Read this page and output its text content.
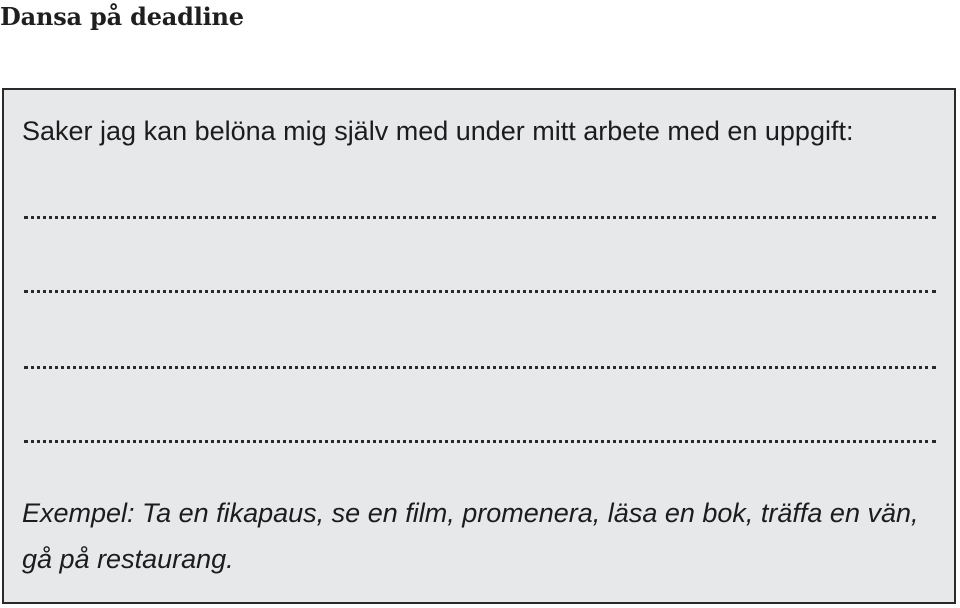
Dansa på deadline
Saker jag kan belöna mig själv med under mitt arbete med en uppgift:
Exempel: Ta en fikapaus, se en film, promenera, läsa en bok, träffa en vän, gå på restaurang.
